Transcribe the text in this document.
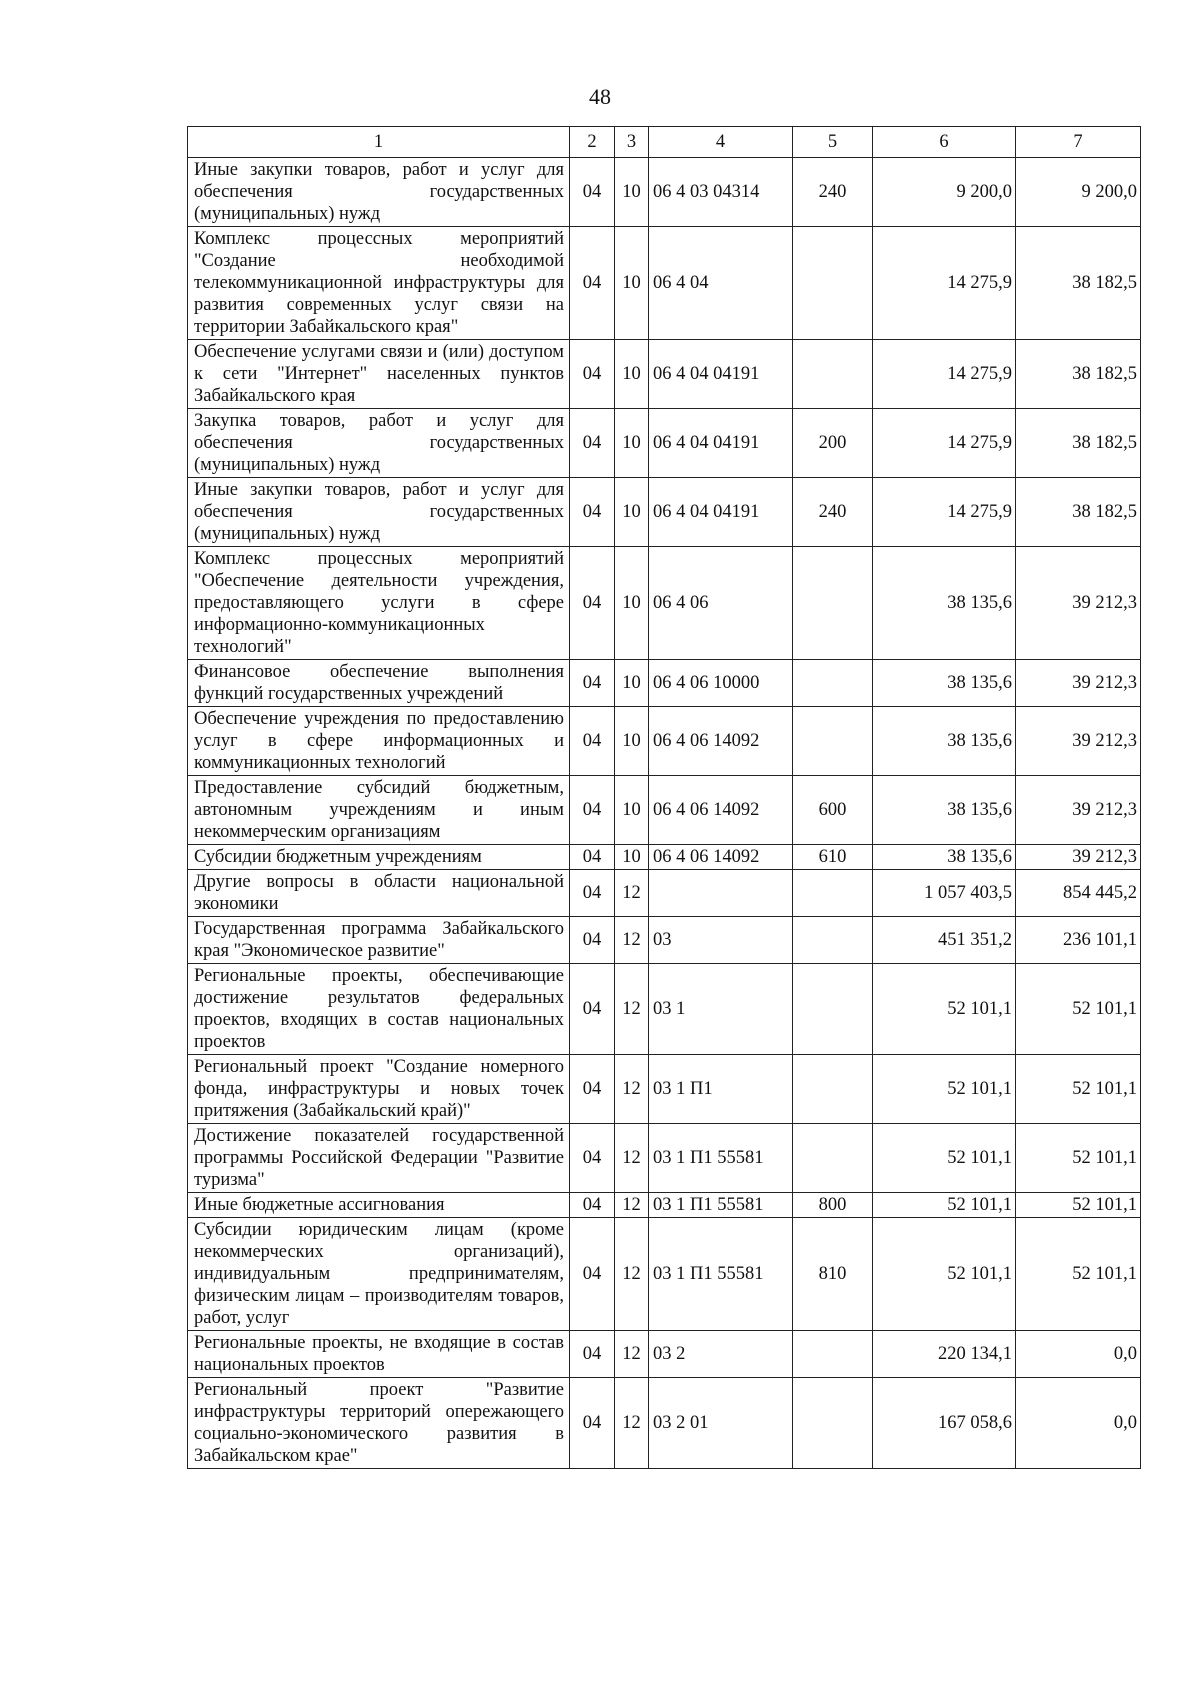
48
1	2	3	4	5	6	7
Иные закупки товаров, работ и услуг для обеспечения государственных (муниципальных) нужд	04	10	06 4 03 04314	240	9 200,0	9 200,0
Комплекс процессных мероприятий "Создание необходимой телекоммуникационной инфраструктуры для развития современных услуг связи на территории Забайкальского края"	04	10	06 4 04		14 275,9	38 182,5
Обеспечение услугами связи и (или) доступом к сети "Интернет" населенных пунктов Забайкальского края	04	10	06 4 04 04191		14 275,9	38 182,5
Закупка товаров, работ и услуг для обеспечения государственных (муниципальных) нужд	04	10	06 4 04 04191	200	14 275,9	38 182,5
Иные закупки товаров, работ и услуг для обеспечения государственных (муниципальных) нужд	04	10	06 4 04 04191	240	14 275,9	38 182,5
Комплекс процессных мероприятий "Обеспечение деятельности учреждения, предоставляющего услуги в сфере информационно-коммуникационных технологий"	04	10	06 4 06		38 135,6	39 212,3
Финансовое обеспечение выполнения функций государственных учреждений	04	10	06 4 06 10000		38 135,6	39 212,3
Обеспечение учреждения по предоставлению услуг в сфере информационных и коммуникационных технологий	04	10	06 4 06 14092		38 135,6	39 212,3
Предоставление субсидий бюджетным, автономным учреждениям и иным некоммерческим организациям	04	10	06 4 06 14092	600	38 135,6	39 212,3
Субсидии бюджетным учреждениям	04	10	06 4 06 14092	610	38 135,6	39 212,3
Другие вопросы в области национальной экономики	04	12			1 057 403,5	854 445,2
Государственная программа Забайкальского края "Экономическое развитие"	04	12	03		451 351,2	236 101,1
Региональные проекты, обеспечивающие достижение результатов федеральных проектов, входящих в состав национальных проектов	04	12	03 1		52 101,1	52 101,1
Региональный проект "Создание номерного фонда, инфраструктуры и новых точек притяжения (Забайкальский край)"	04	12	03 1 П1		52 101,1	52 101,1
Достижение показателей государственной программы Российской Федерации "Развитие туризма"	04	12	03 1 П1 55581		52 101,1	52 101,1
Иные бюджетные ассигнования	04	12	03 1 П1 55581	800	52 101,1	52 101,1
Субсидии юридическим лицам (кроме некоммерческих организаций), индивидуальным предпринимателям, физическим лицам – производителям товаров, работ, услуг	04	12	03 1 П1 55581	810	52 101,1	52 101,1
Региональные проекты, не входящие в состав национальных проектов	04	12	03 2		220 134,1	0,0
Региональный проект "Развитие инфраструктуры территорий опережающего социально-экономического развития в Забайкальском крае"	04	12	03 2 01		167 058,6	0,0
